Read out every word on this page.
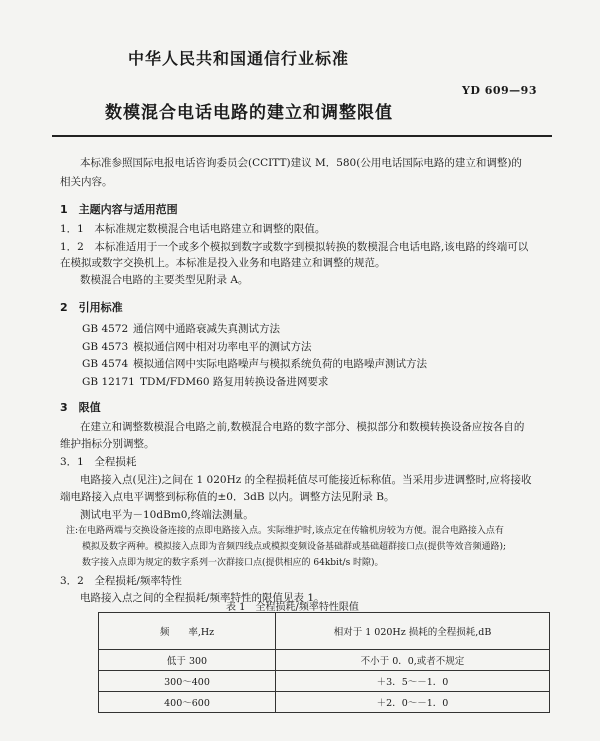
中华人民共和国通信行业标准
YD 609—93
数模混合电话电路的建立和调整限值
本标准参照国际电报电话咨询委员会(CCITT)建议 M．580(公用电话国际电路的建立和调整)的
相关内容。
1　主题内容与适用范围
1．1　本标准规定数模混合电话电路建立和调整的限值。
1．2　本标准适用于一个或多个模拟到数字或数字到模拟转换的数模混合电话电路,该电路的终端可以
在模拟或数字交换机上。本标准是投入业务和电路建立和调整的规范。
数模混合电路的主要类型见附录 A。
2　引用标准
GB 4572 通信网中通路衰减失真测试方法
GB 4573 模拟通信网中相对功率电平的测试方法
GB 4574 模拟通信网中实际电路噪声与模拟系统负荷的电路噪声测试方法
GB 12171 TDM/FDM60 路复用转换设备进网要求
3　限值
在建立和调整数模混合电路之前,数模混合电路的数字部分、模拟部分和数模转换设备应按各自的
维护指标分别调整。
3．1　全程损耗
电路接入点(见注)之间在 1 020Hz 的全程损耗值尽可能接近标称值。当采用步进调整时,应将接收
端电路接入点电平调整到标称值的±0．3dB 以内。调整方法见附录 B。
测试电平为－10dBm0,终端法测量。
注:在电路两端与交换设备连接的点即电路接入点。实际维护时,该点定在传输机房较为方便。混合电路接入点有
模拟及数字两种。模拟接入点即为音频四线点或模拟变频设备基础群或基础超群接口点(提供等效音频通路);
数字接入点即为规定的数字系列一次群接口点(提供相应的 64kbit/s 时隙)。
3．2　全程损耗/频率特性
电路接入点之间的全程损耗/频率特性的限值见表 1。
表 1　全程损耗/频率特性限值
频　　率,Hz	相对于 1 020Hz 损耗的全程损耗,dB
低于 300	不小于 0．0,或者不规定
300～400	＋3．5～－1．0
400～600	＋2．0～－1．0
